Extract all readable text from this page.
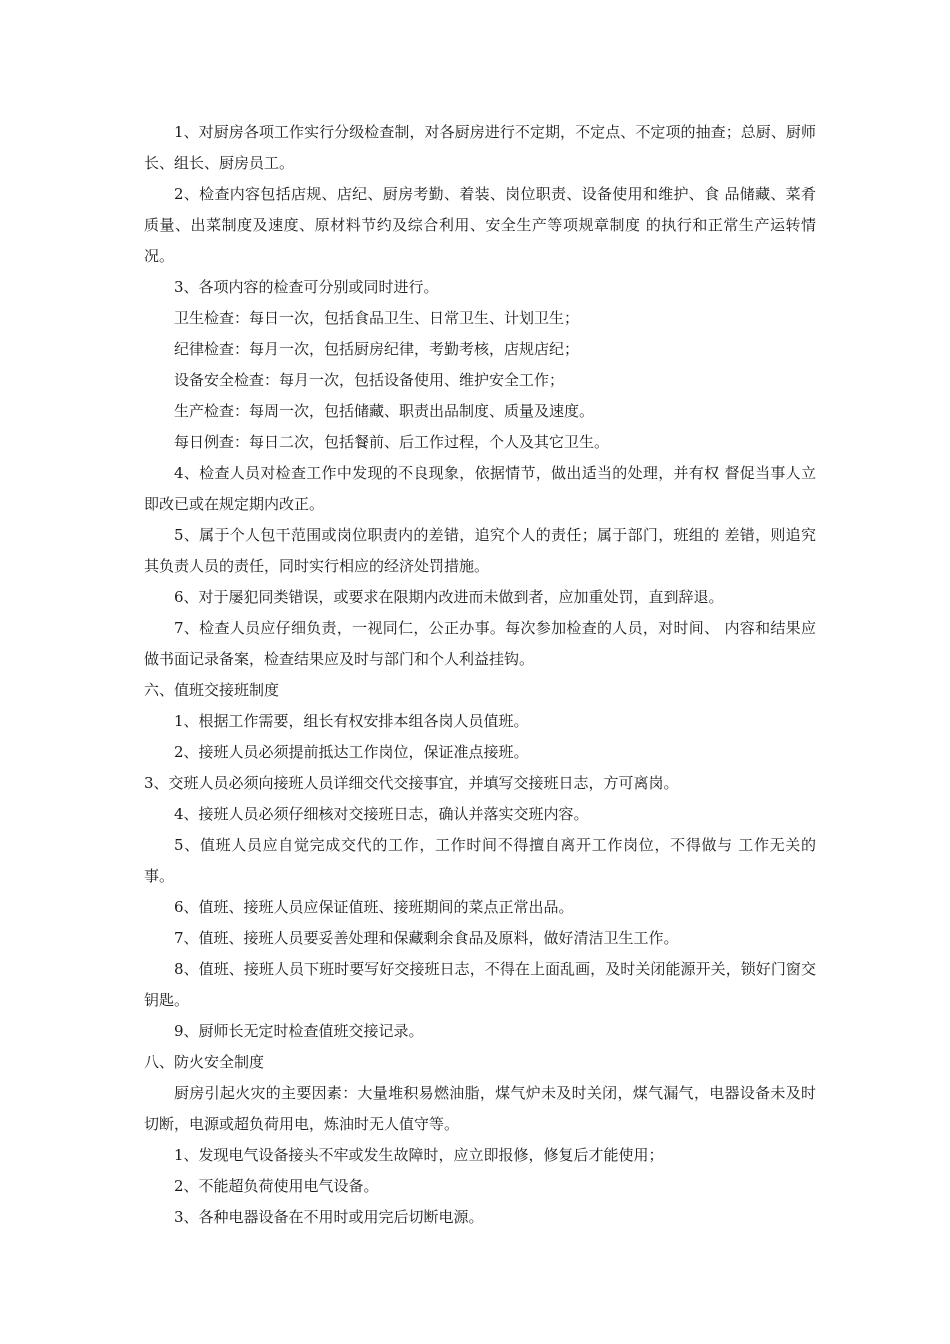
1、对厨房各项工作实行分级检查制，对各厨房进行不定期，不定点、不定项的抽查；总厨、厨师长、组长、厨房员工。

2、检查内容包括店规、店纪、厨房考勤、着装、岗位职责、设备使用和维护、食 品储藏、菜肴质量、出菜制度及速度、原材料节约及综合利用、安全生产等项规章制度 的执行和正常生产运转情况。

3、各项内容的检查可分别或同时进行。

卫生检查：每日一次，包括食品卫生、日常卫生、计划卫生；

纪律检查：每月一次，包括厨房纪律，考勤考核，店规店纪；

设备安全检查：每月一次，包括设备使用、维护安全工作；

生产检查：每周一次，包括储藏、职责出品制度、质量及速度。

每日例查：每日二次，包括餐前、后工作过程，个人及其它卫生。

4、检查人员对检查工作中发现的不良现象，依据情节，做出适当的处理，并有权 督促当事人立即改已或在规定期内改正。

5、属于个人包干范围或岗位职责内的差错，追究个人的责任；属于部门，班组的 差错，则追究其负责人员的责任，同时实行相应的经济处罚措施。

6、对于屡犯同类错误，或要求在限期内改进而未做到者，应加重处罚，直到辞退。

7、检查人员应仔细负责，一视同仁，公正办事。每次参加检查的人员，对时间、 内容和结果应做书面记录备案，检查结果应及时与部门和个人利益挂钩。

六、值班交接班制度

1、根据工作需要，组长有权安排本组各岗人员值班。

2、接班人员必须提前抵达工作岗位，保证准点接班。

3、交班人员必须向接班人员详细交代交接事宜，并填写交接班日志，方可离岗。

4、接班人员必须仔细核对交接班日志，确认并落实交班内容。

5、值班人员应自觉完成交代的工作，工作时间不得擅自离开工作岗位，不得做与 工作无关的事。

6、值班、接班人员应保证值班、接班期间的菜点正常出品。

7、值班、接班人员要妥善处理和保藏剩余食品及原料，做好清洁卫生工作。

8、值班、接班人员下班时要写好交接班日志，不得在上面乱画，及时关闭能源开关，锁好门窗交钥匙。

9、厨师长无定时检查值班交接记录。

八、防火安全制度

厨房引起火灾的主要因素：大量堆积易燃油脂，煤气炉未及时关闭，煤气漏气，电器设备未及时切断，电源或超负荷用电，炼油时无人值守等。

1、发现电气设备接头不牢或发生故障时，应立即报修，修复后才能使用；

2、不能超负荷使用电气设备。

3、各种电器设备在不用时或用完后切断电源。
